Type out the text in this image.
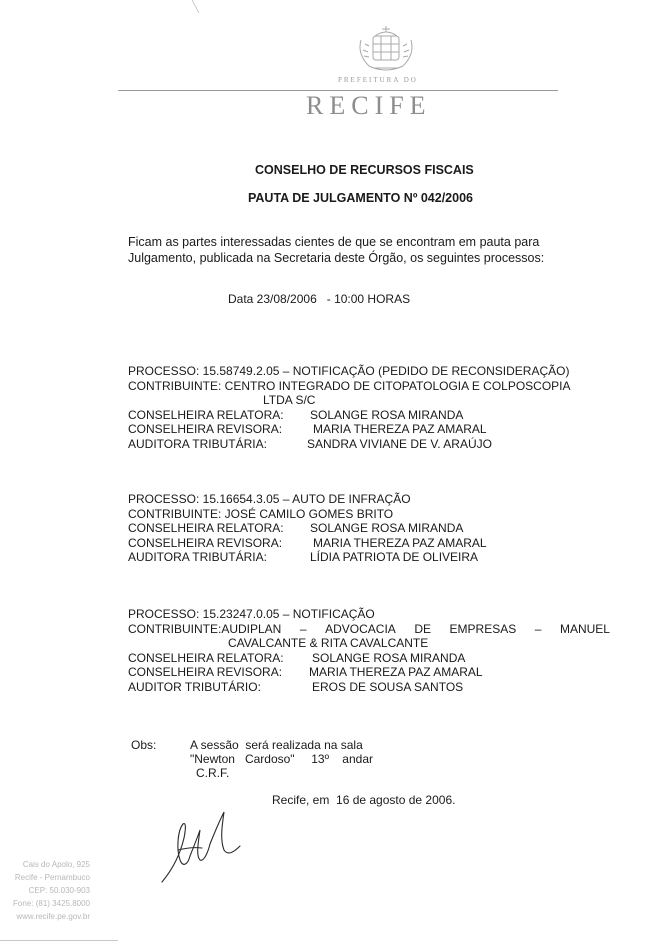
PREFEITURA DO
RECIFE
CONSELHO DE RECURSOS FISCAIS
PAUTA DE JULGAMENTO Nº 042/2006

Ficam as partes interessadas cientes de que se encontram em pauta para

Julgamento, publicada na Secretaria deste Órgão, os seguintes processos:

Data 23/08/2006   - 10:00 HORAS
PROCESSO: 15.58749.2.05 – NOTIFICAÇÃO (PEDIDO DE RECONSIDERAÇÃO)
CONTRIBUINTE: CENTRO INTEGRADO DE CITOPATOLOGIA E COLPOSCOPIA
LTDA S/C
CONSELHEIRA RELATORA: SOLANGE ROSA MIRANDA
CONSELHEIRA REVISORA:	MARIA THEREZA PAZ AMARAL
AUDITORA TRIBUTÁRIA:	SANDRA VIVIANE DE V. ARAÚJO
PROCESSO: 15.16654.3.05 – AUTO DE INFRAÇÃO
CONTRIBUINTE: JOSÉ CAMILO GOMES BRITO
CONSELHEIRA RELATORA: SOLANGE ROSA MIRANDA
CONSELHEIRA REVISORA:	MARIA THEREZA PAZ AMARAL
AUDITORA TRIBUTÁRIA:	LÍDIA PATRIOTA DE OLIVEIRA
PROCESSO: 15.23247.0.05 – NOTIFICAÇÃO
CONTRIBUINTE:AUDIPLAN – ADVOCACIA DE EMPRESAS – MANUEL
CAVALCANTE & RITA CAVALCANTE
CONSELHEIRA RELATORA: SOLANGE ROSA MIRANDA
CONSELHEIRA REVISORA: MARIA THEREZA PAZ AMARAL
AUDITOR TRIBUTÁRIO:	EROS DE SOUSA SANTOS
Obs:	A sessão  será realizada na sala
"Newton   Cardoso"     13º    andar
C.R.F.
Recife, em  16 de agosto de 2006.
Cais do Apolo, 925
Recife - Pernambuco
CEP: 50.030-903
Fone: (81) 3425.8000
www.recife.pe.gov.br
